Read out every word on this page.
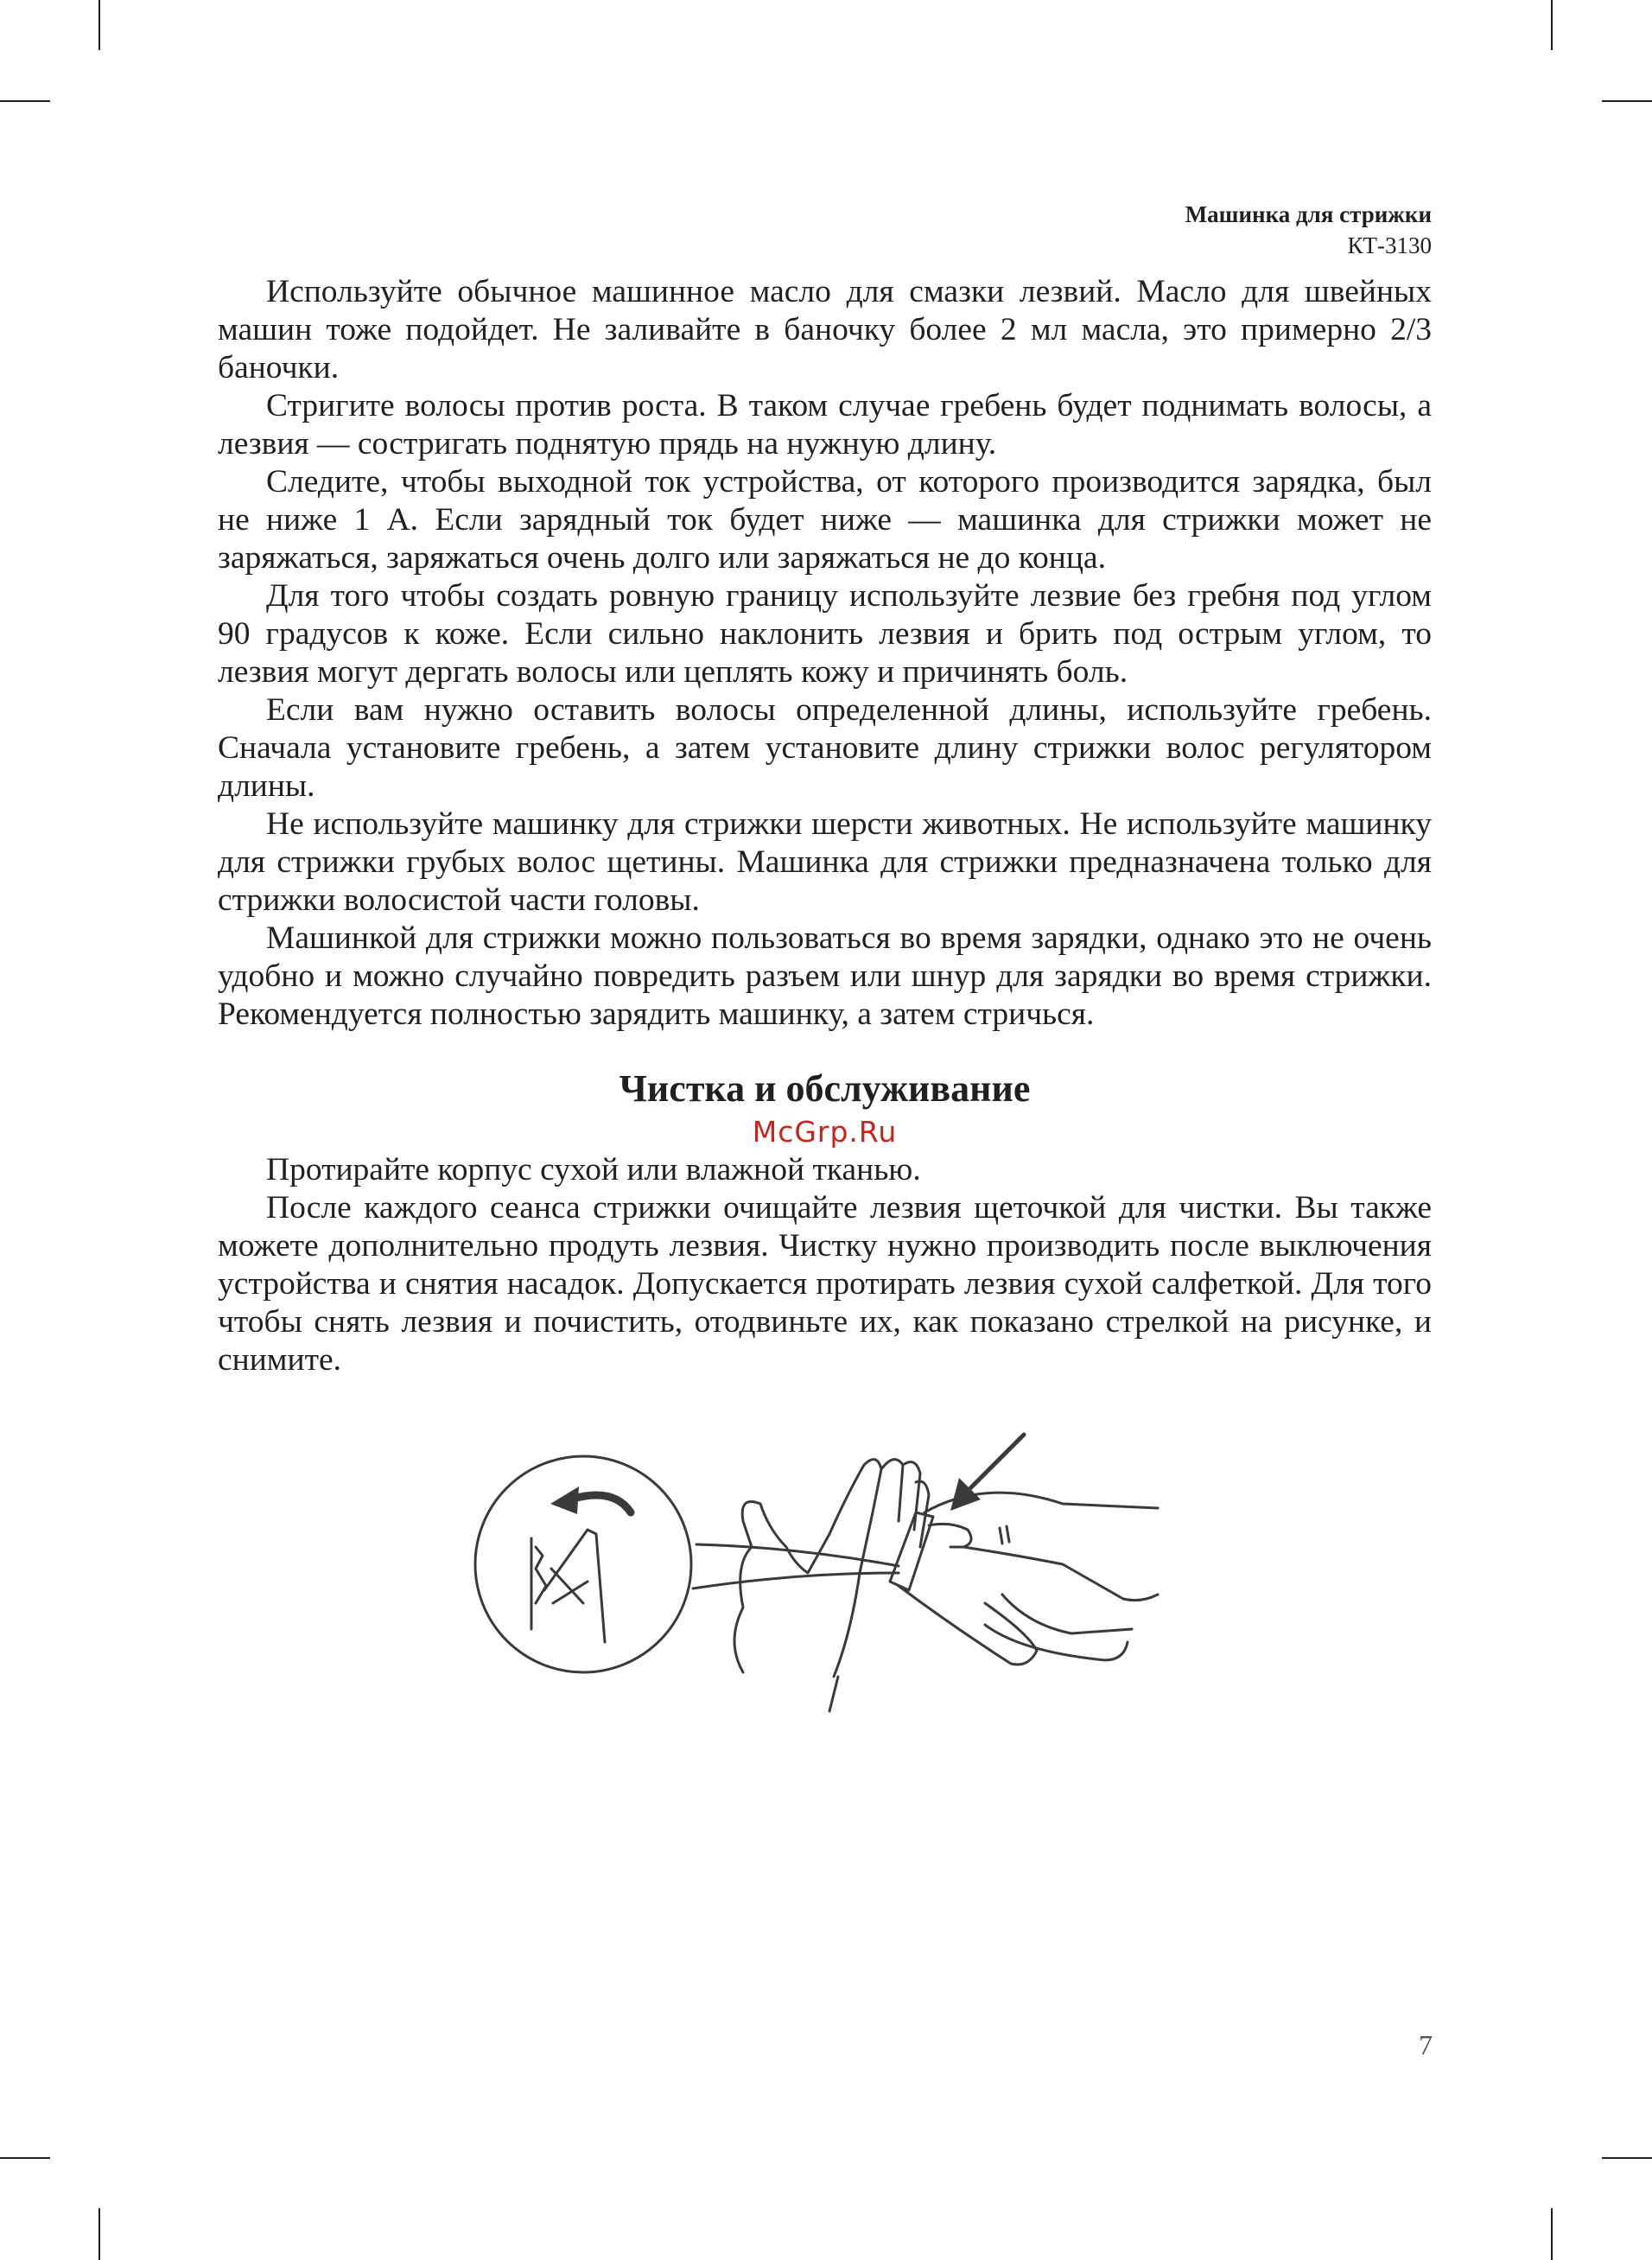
Машинка для стрижки
КТ-3130

Используйте обычное машинное масло для смазки лезвий. Масло для швейных машин тоже подойдет. Не заливайте в баночку более 2 мл масла, это примерно 2/3 баночки.

Стригите волосы против роста. В таком случае гребень будет поднимать волосы, а лезвия — состригать поднятую прядь на нужную длину.

Следите, чтобы выходной ток устройства, от которого производится зарядка, был не ниже 1 А. Если зарядный ток будет ниже — машинка для стрижки может не заряжаться, заряжаться очень долго или заряжаться не до конца.

Для того чтобы создать ровную границу используйте лезвие без гребня под углом 90 градусов к коже. Если сильно наклонить лезвия и брить под острым углом, то лезвия могут дергать волосы или цеплять кожу и причинять боль.

Если вам нужно оставить волосы определенной длины, используйте гребень. Сначала установите гребень, а затем установите длину стрижки волос регулятором длины.

Не используйте машинку для стрижки шерсти животных. Не используйте машинку для стрижки грубых волос щетины. Машинка для стрижки предназначена только для стрижки волосистой части головы.

Машинкой для стрижки можно пользоваться во время зарядки, однако это не очень удобно и можно случайно повредить разъем или шнур для зарядки во время стрижки. Рекомендуется полностью зарядить машинку, а затем стричься.

Чистка и обслуживание
McGrp.Ru

Протирайте корпус сухой или влажной тканью.

После каждого сеанса стрижки очищайте лезвия щеточкой для чистки. Вы также можете дополнительно продуть лезвия. Чистку нужно производить после выключения устройства и снятия насадок. Допускается протирать лезвия сухой салфеткой. Для того чтобы снять лезвия и почистить, отодвиньте их, как показано стрелкой на рисунке, и снимите.

7
